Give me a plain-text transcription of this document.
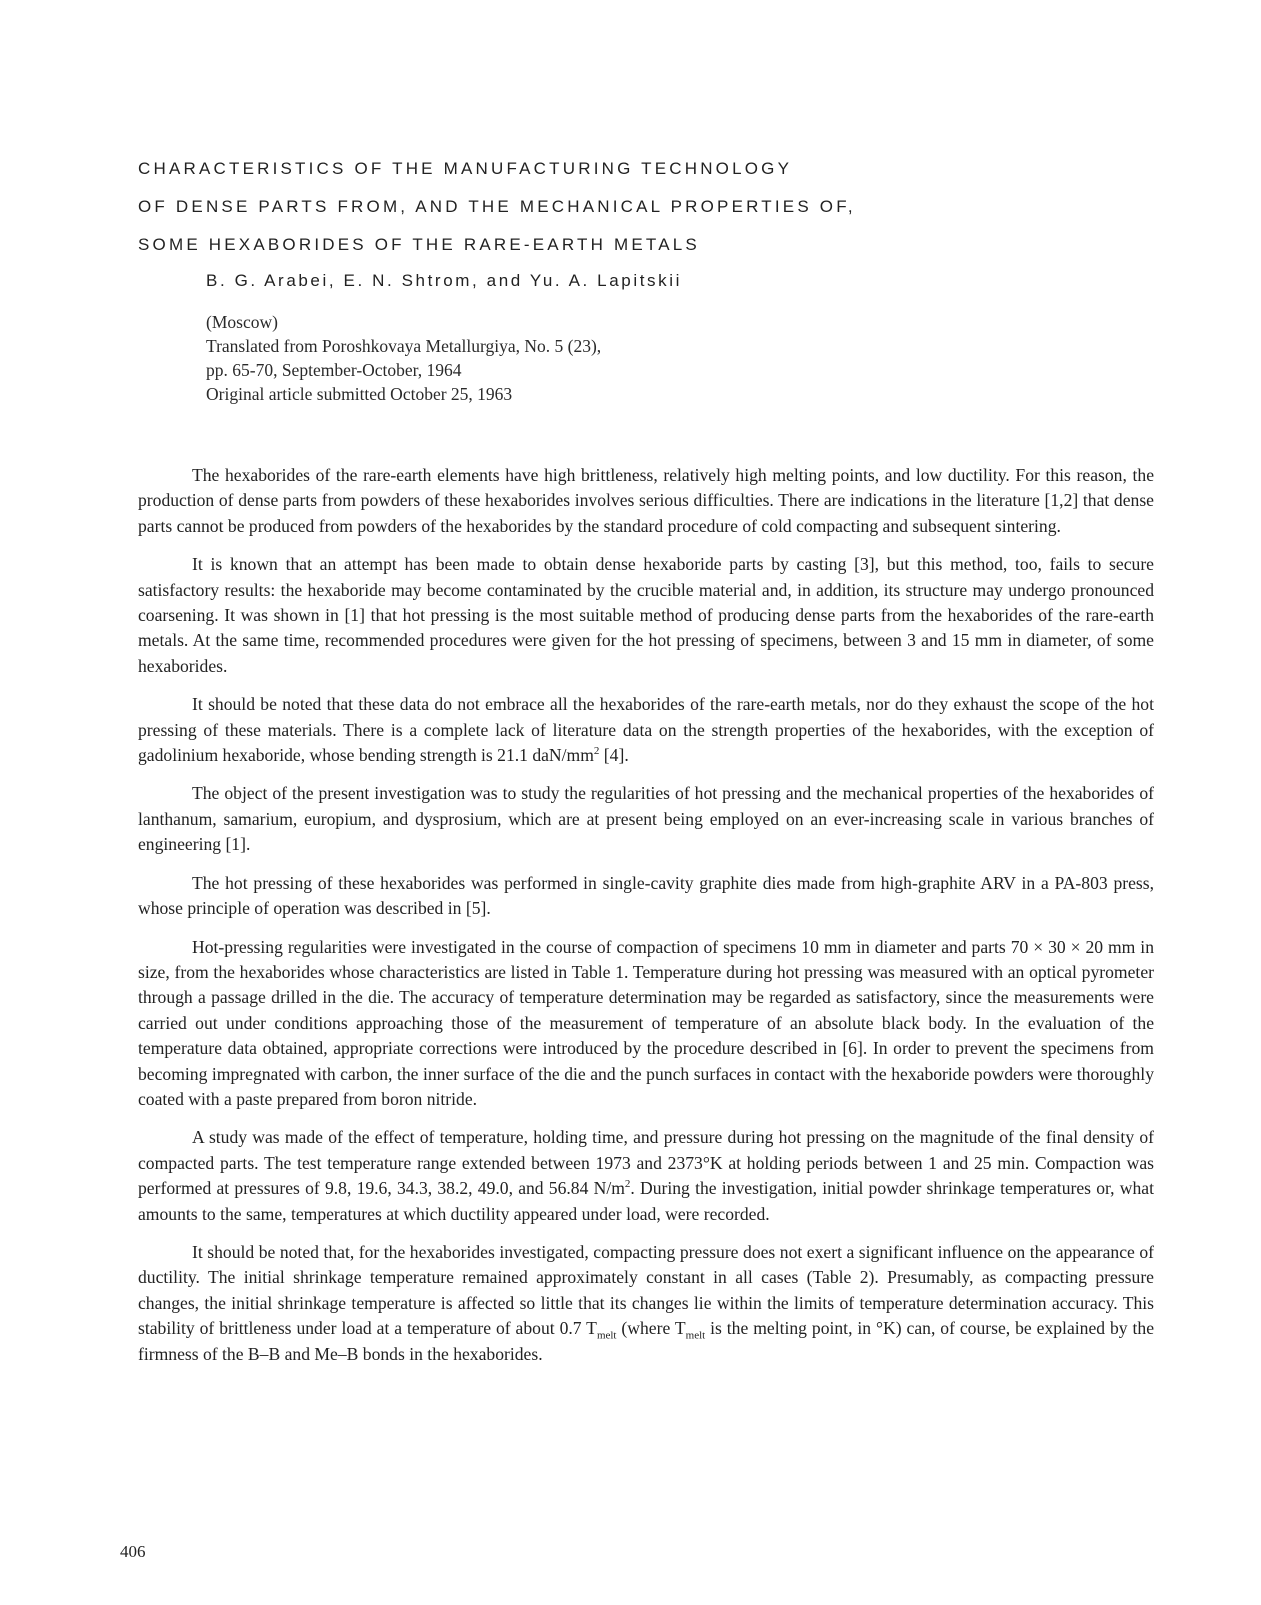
CHARACTERISTICS OF THE MANUFACTURING TECHNOLOGY
OF DENSE PARTS FROM, AND THE MECHANICAL PROPERTIES OF,
SOME HEXABORIDES OF THE RARE-EARTH METALS
B. G. Arabei, E. N. Shtrom, and Yu. A. Lapitskii
(Moscow)
Translated from Poroshkovaya Metallurgiya, No. 5 (23),
pp. 65-70, September-October, 1964
Original article submitted October 25, 1963

The hexaborides of the rare-earth elements have high brittleness, relatively high melting points, and low ductility. For this reason, the production of dense parts from powders of these hexaborides involves serious difficulties. There are indications in the literature [1,2] that dense parts cannot be produced from powders of the hexaborides by the standard procedure of cold compacting and subsequent sintering.

It is known that an attempt has been made to obtain dense hexaboride parts by casting [3], but this method, too, fails to secure satisfactory results: the hexaboride may become contaminated by the crucible material and, in addition, its structure may undergo pronounced coarsening. It was shown in [1] that hot pressing is the most suitable method of producing dense parts from the hexaborides of the rare-earth metals. At the same time, recommended procedures were given for the hot pressing of specimens, between 3 and 15 mm in diameter, of some hexaborides.

It should be noted that these data do not embrace all the hexaborides of the rare-earth metals, nor do they exhaust the scope of the hot pressing of these materials. There is a complete lack of literature data on the strength properties of the hexaborides, with the exception of gadolinium hexaboride, whose bending strength is 21.1 daN/$mm^2$ [4].

The object of the present investigation was to study the regularities of hot pressing and the mechanical properties of the hexaborides of lanthanum, samarium, europium, and dysprosium, which are at present being employed on an ever-increasing scale in various branches of engineering [1].

The hot pressing of these hexaborides was performed in single-cavity graphite dies made from high-graphite ARV in a PA-803 press, whose principle of operation was described in [5].

Hot-pressing regularities were investigated in the course of compaction of specimens 10 mm in diameter and parts 70 × 30 × 20 mm in size, from the hexaborides whose characteristics are listed in Table 1. Temperature during hot pressing was measured with an optical pyrometer through a passage drilled in the die. The accuracy of temperature determination may be regarded as satisfactory, since the measurements were carried out under conditions approaching those of the measurement of temperature of an absolute black body. In the evaluation of the temperature data obtained, appropriate corrections were introduced by the procedure described in [6]. In order to prevent the specimens from becoming impregnated with carbon, the inner surface of the die and the punch surfaces in contact with the hexaboride powders were thoroughly coated with a paste prepared from boron nitride.

A study was made of the effect of temperature, holding time, and pressure during hot pressing on the magnitude of the final density of compacted parts. The test temperature range extended between 1973 and 2373°K at holding periods between 1 and 25 min. Compaction was performed at pressures of 9.8, 19.6, 34.3, 38.2, 49.0, and 56.84 $N/m^2$. During the investigation, initial powder shrinkage temperatures or, what amounts to the same, temperatures at which ductility appeared under load, were recorded.

It should be noted that, for the hexaborides investigated, compacting pressure does not exert a significant influence on the appearance of ductility. The initial shrinkage temperature remained approximately constant in all cases (Table 2). Presumably, as compacting pressure changes, the initial shrinkage temperature is affected so little that its changes lie within the limits of temperature determination accuracy. This stability of brittleness under load at a temperature of about 0.7 $T_{melt}$ (where $T_{melt}$ is the melting point, in °K) can, of course, be explained by the firmness of the B–B and Me–B bonds in the hexaborides.

406
